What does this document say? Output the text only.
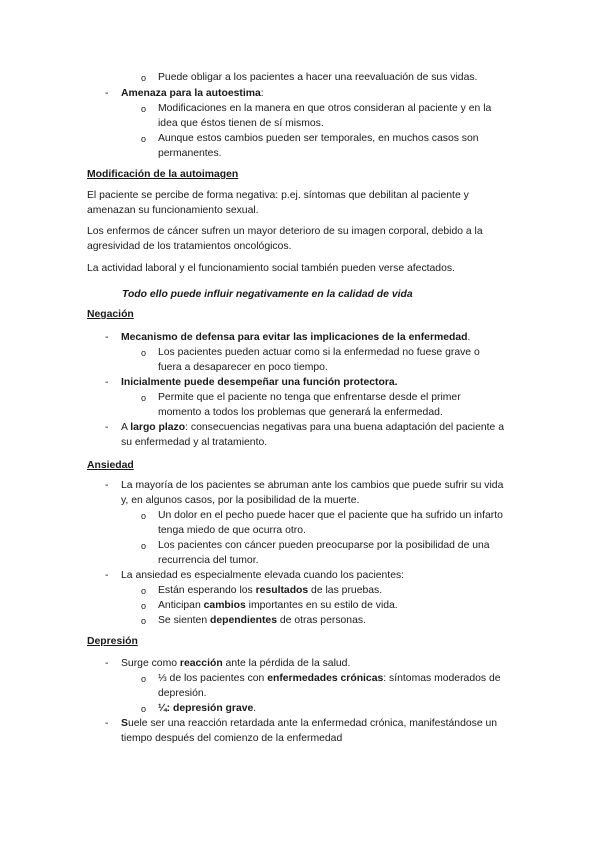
o Puede obligar a los pacientes a hacer una reevaluación de sus vidas.
- Amenaza para la autoestima:
o Modificaciones en la manera en que otros consideran al paciente y en la
idea que éstos tienen de sí mismos.
o Aunque estos cambios pueden ser temporales, en muchos casos son
permanentes.
Modificación de la autoimagen
El paciente se percibe de forma negativa: p.ej. síntomas que debilitan al paciente y
amenazan su funcionamiento sexual.
Los enfermos de cáncer sufren un mayor deterioro de su imagen corporal, debido a la
agresividad de los tratamientos oncológicos.
La actividad laboral y el funcionamiento social también pueden verse afectados.
Todo ello puede influir negativamente en la calidad de vida
Negación
- Mecanismo de defensa para evitar las implicaciones de la enfermedad.
o Los pacientes pueden actuar como si la enfermedad no fuese grave o
fuera a desaparecer en poco tiempo.
- Inicialmente puede desempeñar una función protectora.
o Permite que el paciente no tenga que enfrentarse desde el primer
momento a todos los problemas que generará la enfermedad.
- A largo plazo: consecuencias negativas para una buena adaptación del paciente a
su enfermedad y al tratamiento.
Ansiedad
- La mayoría de los pacientes se abruman ante los cambios que puede sufrir su vida
y, en algunos casos, por la posibilidad de la muerte.
o Un dolor en el pecho puede hacer que el paciente que ha sufrido un infarto
tenga miedo de que ocurra otro.
o Los pacientes con cáncer pueden preocuparse por la posibilidad de una
recurrencia del tumor.
- La ansiedad es especialmente elevada cuando los pacientes:
o Están esperando los resultados de las pruebas.
o Anticipan cambios importantes en su estilo de vida.
o Se sienten dependientes de otras personas.
Depresión
- Surge como reacción ante la pérdida de la salud.
o ⅓ de los pacientes con enfermedades crónicas: síntomas moderados de
depresión.
o ¼: depresión grave.
- Suele ser una reacción retardada ante la enfermedad crónica, manifestándose un
tiempo después del comienzo de la enfermedad
